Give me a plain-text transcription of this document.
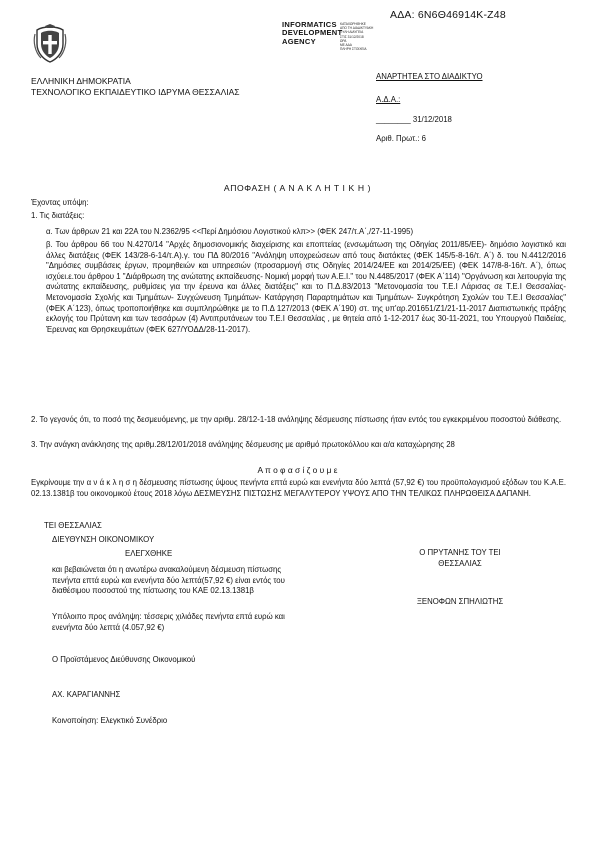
ΑΔΑ: 6Ν6Θ46914Κ-Ζ48
INFORMATICS
DEVELOPMENT
AGENCY
ΚΑΤΑΧΩΡΗΘΗΚΕ
ΑΠΟ ΤΗ ΔΙΑΔΙΚΤΥΑΚΗ
ΠΥΛΗ ΔΙΑΥΓΕΙΑ
ΣΤΙΣ 31/12/2018
ΩΡΑ
ΜΕ ΑΔΑ
ΠΛΗΡΗ ΣΤΟΙΧΕΙΑ
ΕΛΛΗΝΙΚΗ ΔΗΜΟΚΡΑΤΙΑ
ΤΕΧΝΟΛΟΓΙΚΟ ΕΚΠΑΙΔΕΥΤΙΚΟ ΙΔΡΥΜΑ ΘΕΣΣΑΛΙΑΣ
ΑΝΑΡΤΗΤΕΑ ΣΤΟ ΔΙΑΔΙΚΤΥΟ
Α.Δ.Α.:
________ 31/12/2018
Αριθ. Πρωτ.: 6
ΑΠΟΦΑΣΗ ( Α Ν Α Κ Λ Η Τ Ι Κ Η )
Έχοντας υπόψη:
1. Τις διατάξεις:
α. Των άρθρων 21 και 22Α του Ν.2362/95 <<Περί Δημόσιου Λογιστικού κλπ>> (ΦΕΚ 247/τ.Α΄,/27-11-1995)
β. Του άρθρου 66 του Ν.4270/14 "Αρχές δημοσιονομικής διαχείρισης και εποπτείας (ενσωμάτωση της Οδηγίας 2011/85/ΕΕ)- δημόσιο λογιστικό και άλλες διατάξεις (ΦΕΚ 143/28-6-14/τ.Α).γ. του ΠΔ 80/2016 "Ανάληψη υποχρεώσεων από τους διατάκτες (ΦΕΚ 145/5-8-16/τ. Α΄) δ. του Ν.4412/2016 "Δημόσιες συμβάσεις έργων, προμηθειών και υπηρεσιών (προσαρμογή στις Οδηγίες 2014/24/ΕΕ και 2014/25/ΕΕ) (ΦΕΚ 147/8-8-16/τ. Α΄), όπως ισχύει.ε.του άρθρου 1 "Διάρθρωση της ανώτατης εκπαίδευσης- Νομική μορφή των Α.Ε.Ι." του Ν.4485/2017 (ΦΕΚ Α΄114) "Οργάνωση και λειτουργία της ανώτατης εκπαίδευσης, ρυθμίσεις για την έρευνα και άλλες διατάξεις" και το Π.Δ.83/2013 "Μετονομασία του Τ.Ε.Ι Λάρισας σε Τ.Ε.Ι Θεσσαλίας- Μετονομασία Σχολής και Τμημάτων- Συγχώνευση Τμημάτων- Κατάργηση Παραρτημάτων και Τμημάτων- Συγκρότηση Σχολών του Τ.Ε.Ι Θεσσαλίας" (ΦΕΚ Α΄123), όπως τροποποιήθηκε και συμπληρώθηκε με το Π.Δ 127/2013 (ΦΕΚ Α΄190) στ. της υπ'αρ.201651/Ζ1/21-11-2017 Διαπιστωτικής πράξης εκλογής του Πρύτανη και των τεσσάρων (4) Αντιπρυτάνεων του Τ.Ε.Ι Θεσσαλίας , με θητεία από 1-12-2017 έως 30-11-2021, του Υπουργού Παιδείας, Έρευνας και Θρησκευμάτων (ΦΕΚ 627/ΥΟΔΔ/28-11-2017).
2. Το γεγονός ότι, το ποσό της δεσμευόμενης, με την αριθμ. 28/12-1-18 ανάληψης δέσμευσης πίστωσης ήταν εντός του εγκεκριμένου ποσοστού διάθεσης.
3. Την ανάγκη ανάκλησης της αριθμ.28/12/01/2018 ανάληψης δέσμευσης με αριθμό πρωτοκόλλου και α/α καταχώρησης 28
Α π ο φ α σ ί ζ ο υ μ ε
Εγκρίνουμε την α ν ά κ λ η σ η δέσμευσης πίστωσης ύψους πενήντα επτά ευρώ και ενενήντα δύο λεπτά (57,92 €) του προϋπολογισμού εξόδων του Κ.Α.Ε. 02.13.1381β του οικονομικού έτους 2018 λόγω ΔΕΣΜΕΥΣΗΣ ΠΙΣΤΩΣΗΣ ΜΕΓΑΛΥΤΕΡΟΥ ΥΨΟΥΣ ΑΠΟ ΤΗΝ ΤΕΛΙΚΩΣ ΠΛΗΡΩΘΕΙΣΑ ΔΑΠΑΝΗ.
ΤΕΙ ΘΕΣΣΑΛΙΑΣ
ΔΙΕΥΘΥΝΣΗ ΟΙΚΟΝΟΜΙΚΟΥ
ΕΛΕΓΧΘΗΚΕ
και βεβαιώνεται ότι η ανωτέρω ανακαλούμενη δέσμευση πίστωσης πενήντα επτά ευρώ και ενενήντα δύο λεπτά(57,92 €) είναι εντός του διαθέσιμου ποσοστού της πίστωσης του ΚΑΕ 02.13.1381β
Υπόλοιπο προς ανάληψη: τέσσερις χιλιάδες πενήντα επτά ευρώ και ενενήντα δύο λεπτά (4.057,92 €)
Ο Προϊστάμενος Διεύθυνσης Οικονομικού
ΑΧ. ΚΑΡΑΓΙΑΝΝΗΣ
Κοινοποίηση: Ελεγκτικό Συνέδριο
Ο ΠΡΥΤΑΝΗΣ ΤΟΥ ΤΕΙ
ΘΕΣΣΑΛΙΑΣ
ΞΕΝΟΦΩΝ ΣΠΗΛΙΩΤΗΣ
